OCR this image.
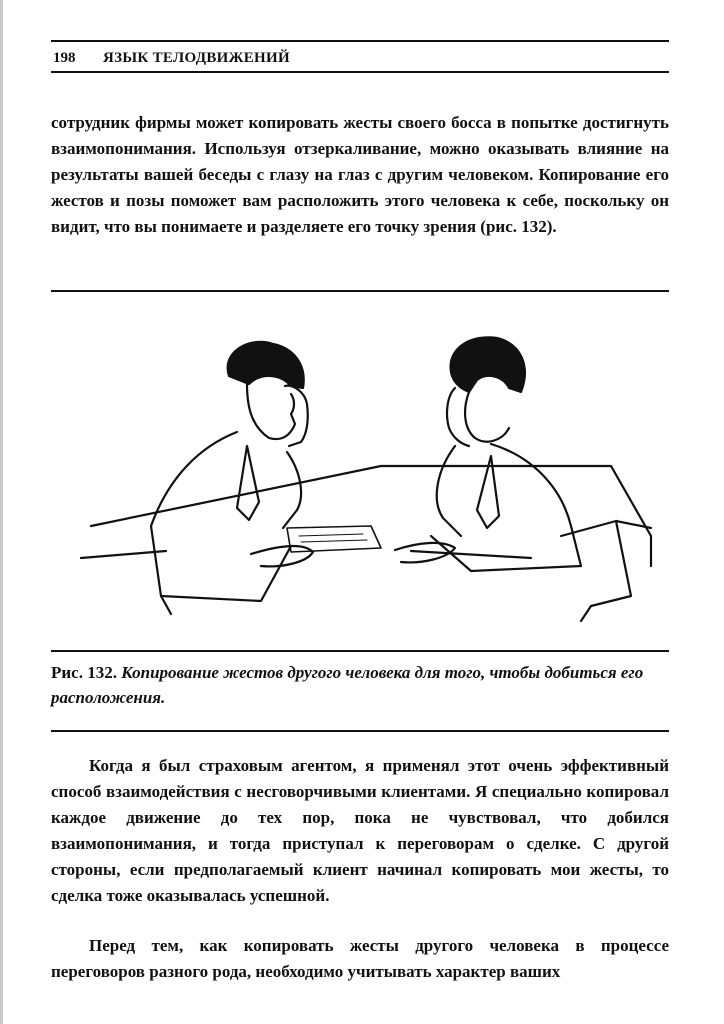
198 ЯЗЫК ТЕЛОДВИЖЕНИЙ
сотрудник фирмы может копировать жесты своего босса в попытке достигнуть взаимопонимания. Используя отзеркаливание, можно оказывать влияние на результаты вашей беседы с глазу на глаз с другим человеком. Копирование его жестов и позы поможет вам расположить этого человека к себе, поскольку он видит, что вы понимаете и разделяете его точку зрения (рис. 132).
Рис. 132. Копирование жестов другого человека для того, чтобы добиться его расположения.
Когда я был страховым агентом, я применял этот очень эффективный способ взаимодействия с несговорчивыми клиентами. Я специально копировал каждое движение до тех пор, пока не чувствовал, что добился взаимопонимания, и тогда приступал к переговорам о сделке. С другой стороны, если предполагаемый клиент начинал копировать мои жесты, то сделка тоже оказывалась успешной.
Перед тем, как копировать жесты другого человека в процессе переговоров разного рода, необходимо учитывать характер ваших
